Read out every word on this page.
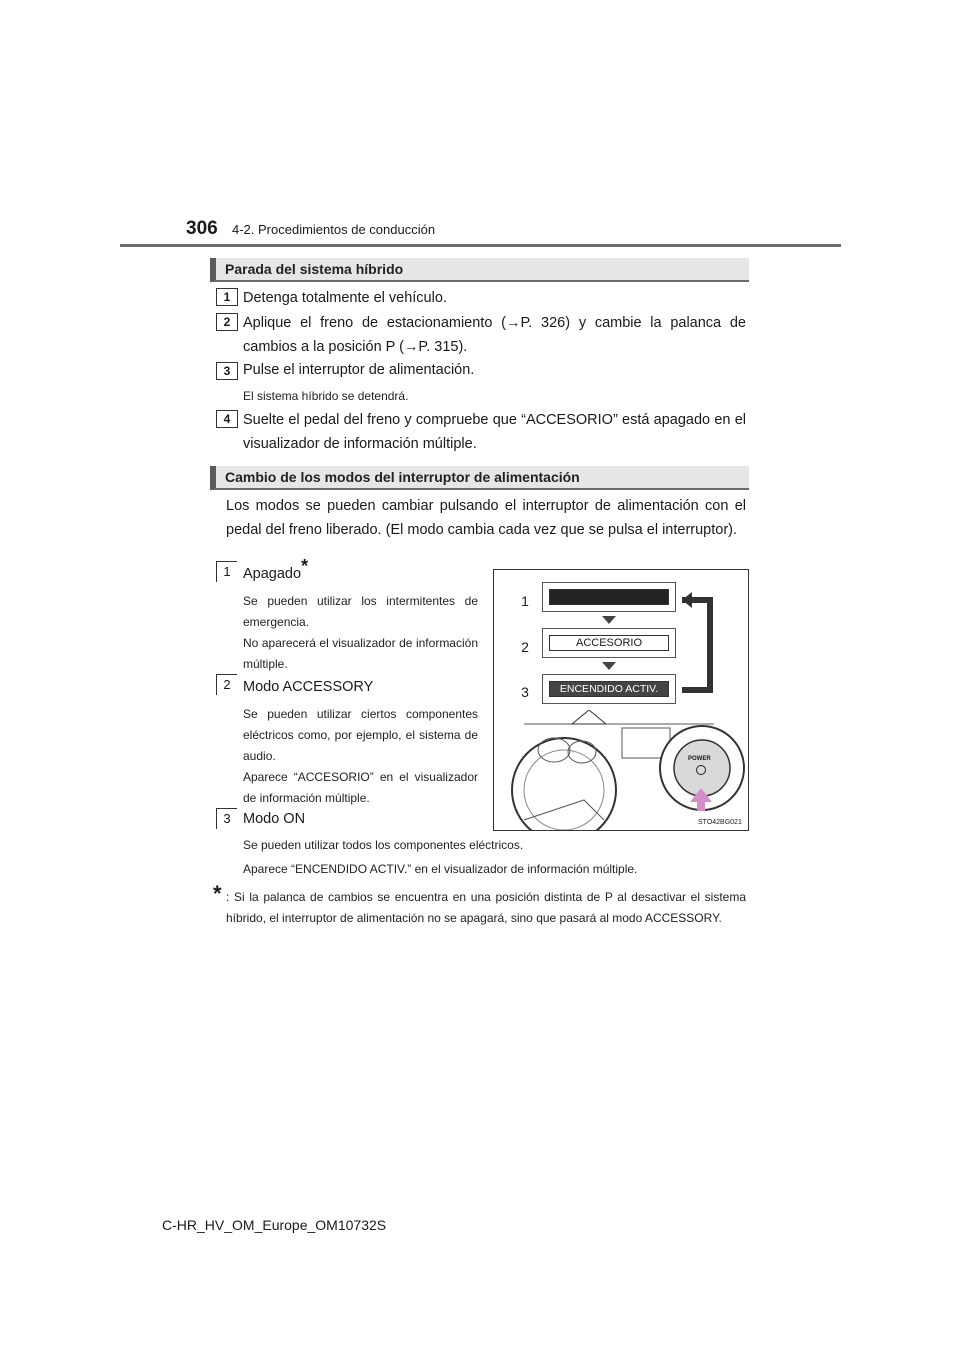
306 4-2. Procedimientos de conducción
Parada del sistema híbrido
1 Detenga totalmente el vehículo.
2 Aplique el freno de estacionamiento (→P. 326) y cambie la palanca de cambios a la posición P (→P. 315).
3 Pulse el interruptor de alimentación.
El sistema híbrido se detendrá.
4 Suelte el pedal del freno y compruebe que “ACCESORIO” está apagado en el visualizador de información múltiple.
Cambio de los modos del interruptor de alimentación
Los modos se pueden cambiar pulsando el interruptor de alimentación con el pedal del freno liberado. (El modo cambia cada vez que se pulsa el interruptor).
1 Apagado*
Se pueden utilizar los intermitentes de emergencia.
No aparecerá el visualizador de información múltiple.
2 Modo ACCESSORY
Se pueden utilizar ciertos componentes eléctricos como, por ejemplo, el sistema de audio.
Aparece “ACCESORIO” en el visualizador de información múltiple.
3 Modo ON
Se pueden utilizar todos los componentes eléctricos.
Aparece “ENCENDIDO ACTIV.” en el visualizador de información múltiple.
* : Si la palanca de cambios se encuentra en una posición distinta de P al desactivar el sistema híbrido, el interruptor de alimentación no se apagará, sino que pasará al modo ACCESSORY.
1
2	ACCESORIO
3	ENCENDIDO ACTIV.
POWER
STO42BG021
C-HR_HV_OM_Europe_OM10732S
